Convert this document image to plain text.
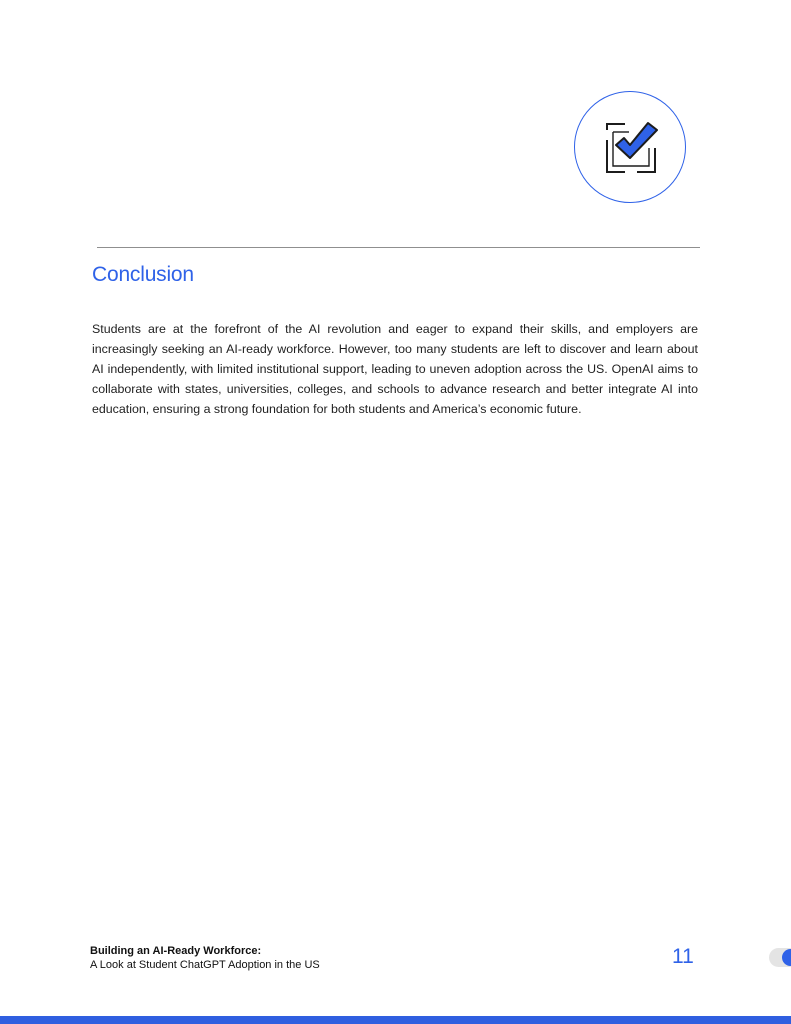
Conclusion

Students are at the forefront of the AI revolution and eager to expand their skills, and employers are increasingly seeking an AI-ready workforce. However, too many students are left to discover and learn about AI independently, with limited institutional support, leading to uneven adoption across the US. OpenAI aims to collaborate with states, universities, colleges, and schools to advance research and better integrate AI into education, ensuring a strong foundation for both students and America’s economic future.

Building an AI-Ready Workforce:
A Look at Student ChatGPT Adoption in the US	11
